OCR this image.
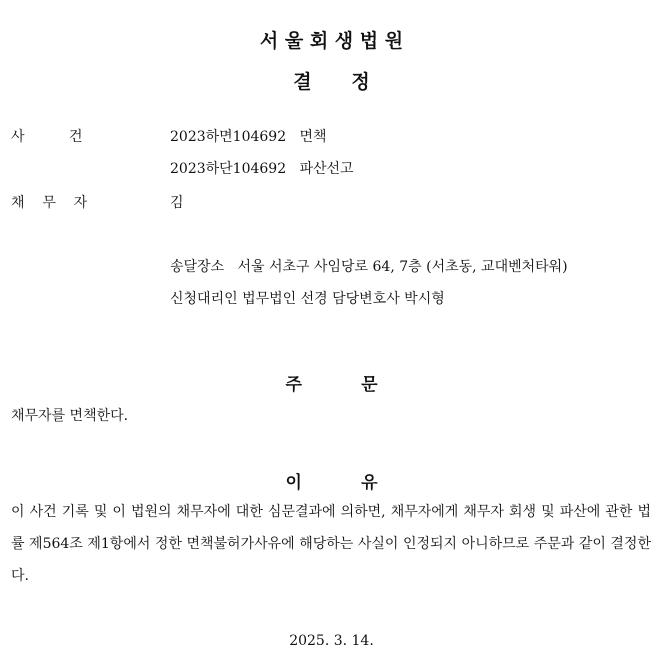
서 울 회 생 법 원
결      정
사          건	2023하면104692   면책
2023하단104692   파산선고
채    무    자	김
송달장소   서울 서초구 사임당로 64, 7층 (서초동, 교대벤처타워)
신청대리인 법무법인 선경 담당변호사 박시형
주          문
채무자를 면책한다.
이          유
이 사건 기록 및 이 법원의 채무자에 대한 심문결과에 의하면, 채무자에게 채무자 회생 및 파산에 관한 법률 제564조 제1항에서 정한 면책불허가사유에 해당하는 사실이 인정되지 아니하므로 주문과 같이 결정한다.
2025. 3. 14.
